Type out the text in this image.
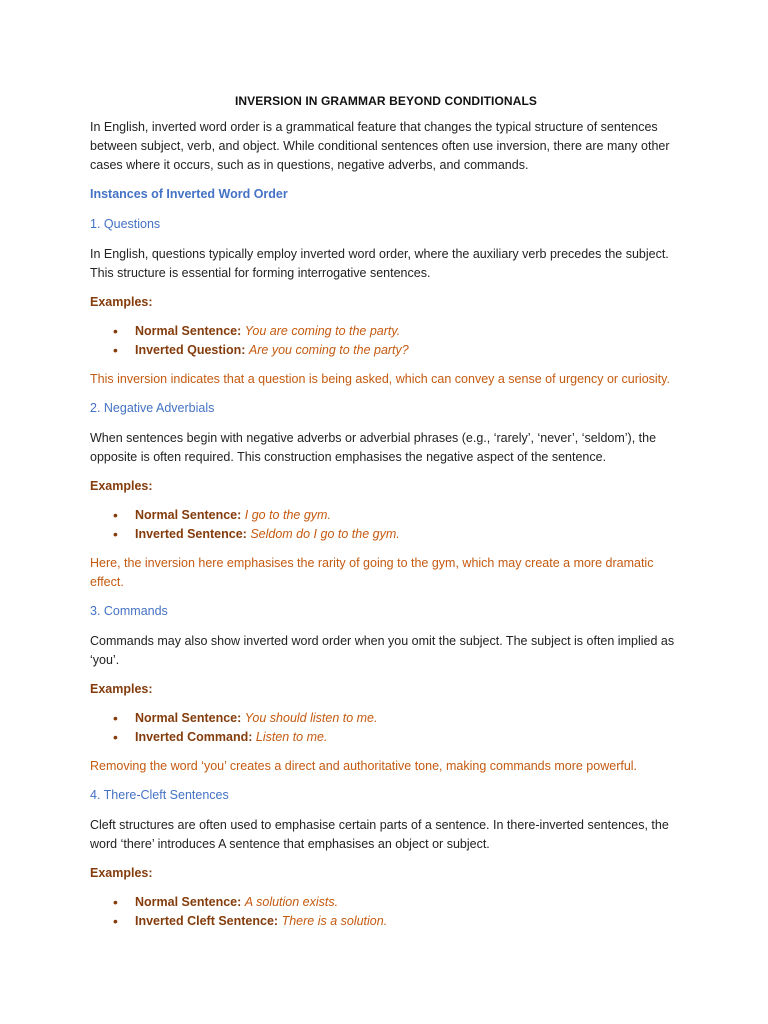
INVERSION IN GRAMMAR BEYOND CONDITIONALS

In English, inverted word order is a grammatical feature that changes the typical structure of sentences between subject, verb, and object. While conditional sentences often use inversion, there are many other cases where it occurs, such as in questions, negative adverbs, and commands.

Instances of Inverted Word Order

1. Questions

In English, questions typically employ inverted word order, where the auxiliary verb precedes the subject. This structure is essential for forming interrogative sentences.

Examples:

• Normal Sentence: You are coming to the party.
• Inverted Question: Are you coming to the party?

This inversion indicates that a question is being asked, which can convey a sense of urgency or curiosity.

2. Negative Adverbials

When sentences begin with negative adverbs or adverbial phrases (e.g., ‘rarely’, ‘never’, ‘seldom’), the opposite is often required. This construction emphasises the negative aspect of the sentence.

Examples:

• Normal Sentence: I go to the gym.
• Inverted Sentence: Seldom do I go to the gym.

Here, the inversion here emphasises the rarity of going to the gym, which may create a more dramatic effect.

3. Commands

Commands may also show inverted word order when you omit the subject. The subject is often implied as ‘you’.

Examples:

• Normal Sentence: You should listen to me.
• Inverted Command: Listen to me.

Removing the word ‘you’ creates a direct and authoritative tone, making commands more powerful.

4. There-Cleft Sentences

Cleft structures are often used to emphasise certain parts of a sentence. In there-inverted sentences, the word ‘there’ introduces A sentence that emphasises an object or subject.

Examples:

• Normal Sentence: A solution exists.
• Inverted Cleft Sentence: There is a solution.
